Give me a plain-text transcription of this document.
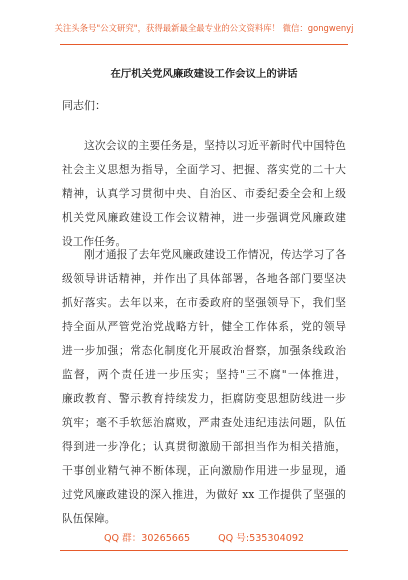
关注头条号"公文研究"，获得最新最全最专业的公文资料库！ 微信：gongwenyj
在厅机关党风廉政建设工作会议上的讲话
同志们：
这次会议的主要任务是，坚持以习近平新时代中国特色
社会主义思想为指导，全面学习、把握、落实党的二十大
精神，认真学习贯彻中央、自治区、市委纪委全会和上级
机关党风廉政建设工作会议精神，进一步强调党风廉政建
设工作任务。
刚才通报了去年党风廉政建设工作情况，传达学习了各
级领导讲话精神，并作出了具体部署，各地各部门要坚决
抓好落实。去年以来，在市委政府的坚强领导下，我们坚
持全面从严管党治党战略方针，健全工作体系，党的领导
进一步加强；常态化制度化开展政治督察，加强条线政治
监督，两个责任进一步压实；坚持"三不腐"一体推进，
廉政教育、警示教育持续发力，拒腐防变思想防线进一步
筑牢；毫不手软惩治腐败，严肃查处违纪违法问题，队伍
得到进一步净化；认真贯彻激励干部担当作为相关措施，
干事创业精气神不断体现，正向激励作用进一步显现，通
过党风廉政建设的深入推进，为做好 xx 工作提供了坚强的
队伍保障。
QQ 群：30265665	QQ 号:535304092
